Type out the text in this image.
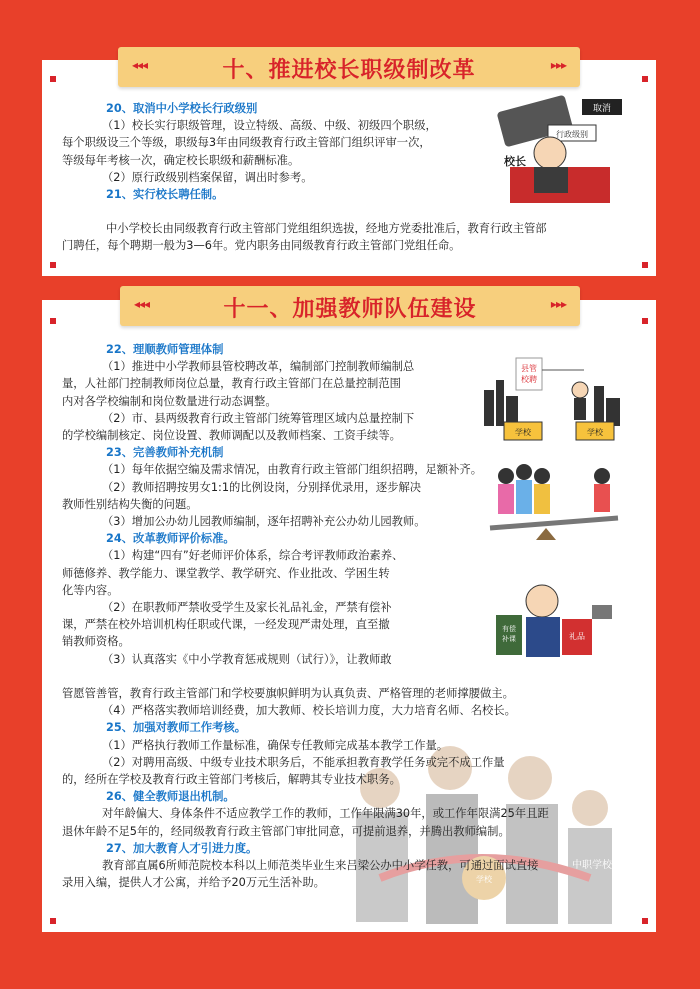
◂◂◂	十、推进校长职级制改革	▸▸▸

20、取消中小学校长行政级别

（1）校长实行职级管理，设立特级、高级、中级、初级四个职级，

每个职级设三个等级，职级每3年由同级教育行政主管部门组织评审一次，

等级每年考核一次，确定校长职级和薪酬标准。

（2）原行政级别档案保留，调出时参考。

21、实行校长聘任制。

中小学校长由同级教育行政主管部门党组组织选拔，经地方党委批准后，教育行政主管部

门聘任，每个聘期一般为3—6年。党内职务由同级教育行政主管部门党组任命。

取消
行政级别
校长
◂◂◂	十一、加强教师队伍建设	▸▸▸
县管
校聘
学校	学校
有偿
补课	礼品
学校
中职学校

22、理顺教师管理体制

（1）推进中小学教师县管校聘改革，编制部门控制教师编制总

量，人社部门控制教师岗位总量，教育行政主管部门在总量控制范围

内对各学校编制和岗位数量进行动态调整。

（2）市、县两级教育行政主管部门统筹管理区域内总量控制下

的学校编制核定、岗位设置、教师调配以及教师档案、工资手续等。

23、完善教师补充机制

（1）每年依据空编及需求情况，由教育行政主管部门组织招聘，足额补齐。

（2）教师招聘按男女1:1的比例设岗，分别择优录用，逐步解决

教师性别结构失衡的问题。

（3）增加公办幼儿园教师编制，逐年招聘补充公办幼儿园教师。

24、改革教师评价标准。

（1）构建“四有”好老师评价体系，综合考评教师政治素养、

师德修养、教学能力、课堂教学、教学研究、作业批改、学困生转

化等内容。

（2）在职教师严禁收受学生及家长礼品礼金，严禁有偿补

课，严禁在校外培训机构任职或代课，一经发现严肃处理，直至撤

销教师资格。

（3）认真落实《中小学教育惩戒规则（试行）》，让教师敢

管愿管善管，教育行政主管部门和学校要旗帜鲜明为认真负责、严格管理的老师撑腰做主。

（4）严格落实教师培训经费，加大教师、校长培训力度，大力培育名师、名校长。

25、加强对教师工作考核。

（1）严格执行教师工作量标准，确保专任教师完成基本教学工作量。

（2）对聘用高级、中级专业技术职务后，不能承担教育教学任务或完不成工作量

的，经所在学校及教育行政主管部门考核后，解聘其专业技术职务。

26、健全教师退出机制。

对年龄偏大、身体条件不适应教学工作的教师，工作年限满30年，或工作年限满25年且距

退休年龄不足5年的，经同级教育行政主管部门审批同意，可提前退养，并腾出教师编制。

27、加大教育人才引进力度。

教育部直属6所师范院校本科以上师范类毕业生来吕梁公办中小学任教，可通过面试直接

录用入编，提供人才公寓，并给予20万元生活补助。
